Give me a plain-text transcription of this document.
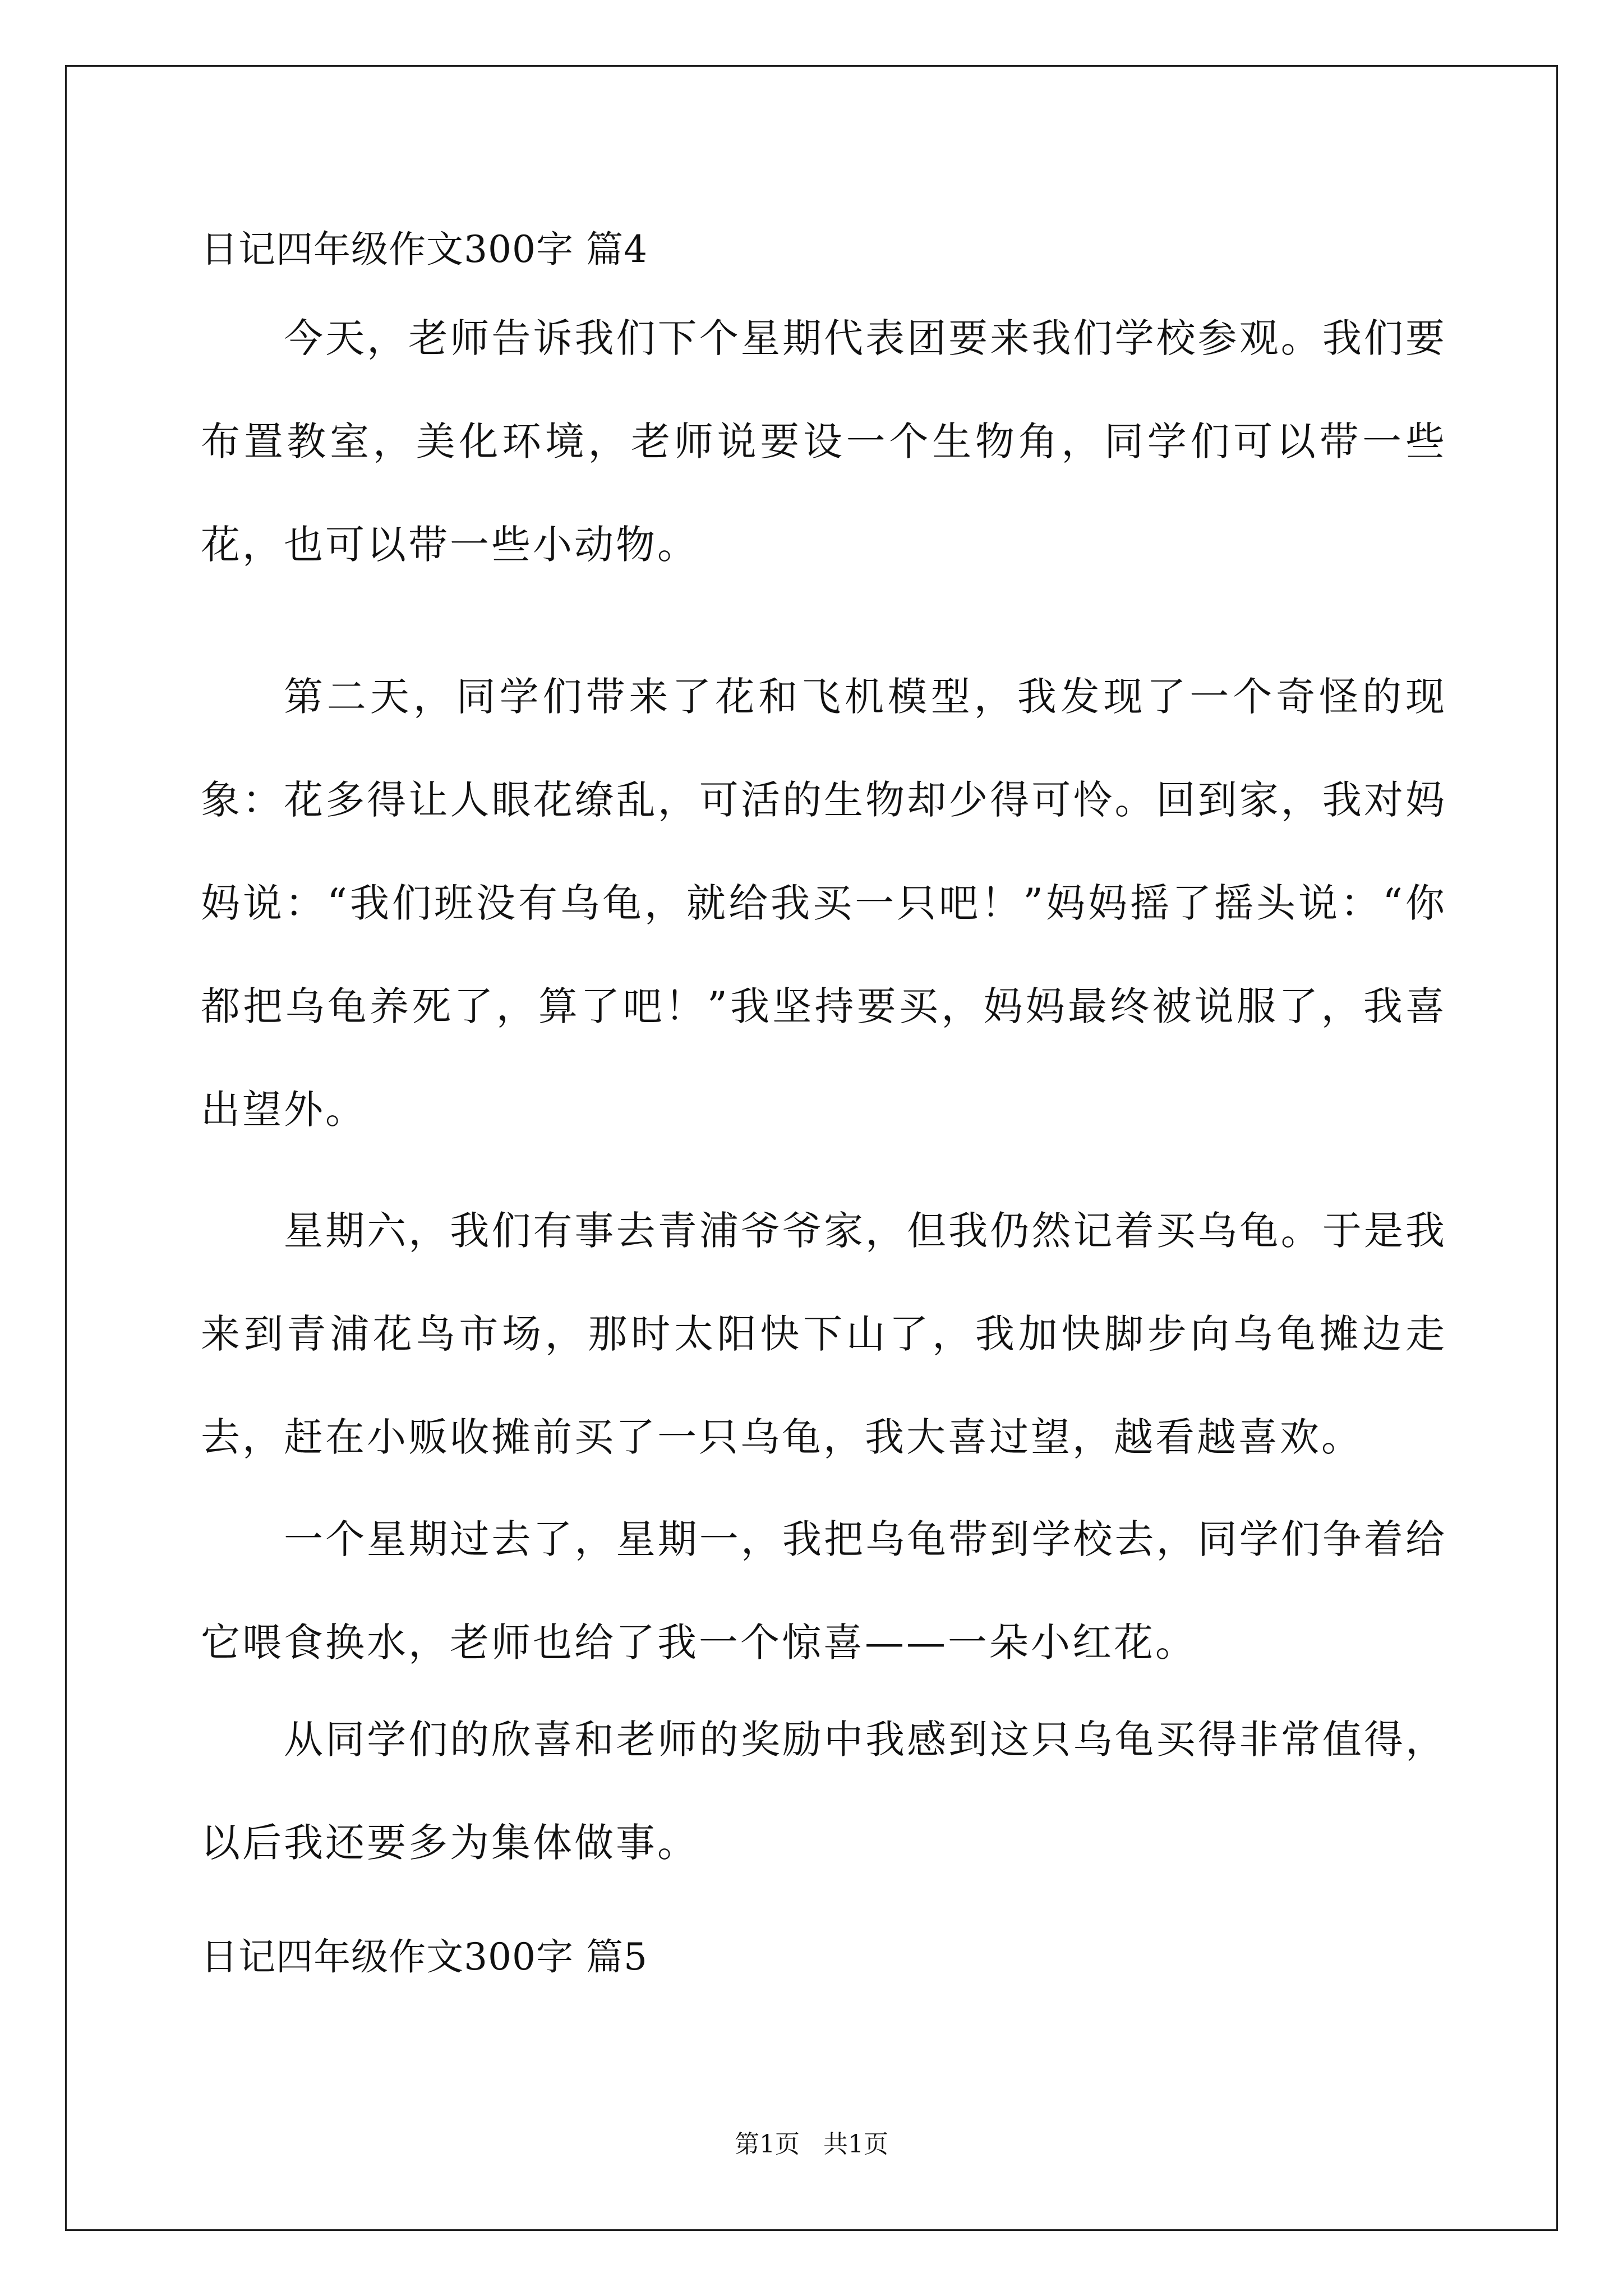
日记四年级作文300字 篇4

今天，老师告诉我们下个星期代表团要来我们学校参观。我们要布置教室，美化环境，老师说要设一个生物角，同学们可以带一些花，也可以带一些小动物。

第二天，同学们带来了花和飞机模型，我发现了一个奇怪的现象：花多得让人眼花缭乱，可活的生物却少得可怜。回到家，我对妈妈说：“我们班没有乌龟，就给我买一只吧！”妈妈摇了摇头说：“你都把乌龟养死了，算了吧！”我坚持要买，妈妈最终被说服了，我喜出望外。

星期六，我们有事去青浦爷爷家，但我仍然记着买乌龟。于是我来到青浦花鸟市场，那时太阳快下山了，我加快脚步向乌龟摊边走去，赶在小贩收摊前买了一只乌龟，我大喜过望，越看越喜欢。

一个星期过去了，星期一，我把乌龟带到学校去，同学们争着给它喂食换水，老师也给了我一个惊喜——一朵小红花。

从同学们的欣喜和老师的奖励中我感到这只乌龟买得非常值得，以后我还要多为集体做事。

日记四年级作文300字 篇5
第1页   共1页
